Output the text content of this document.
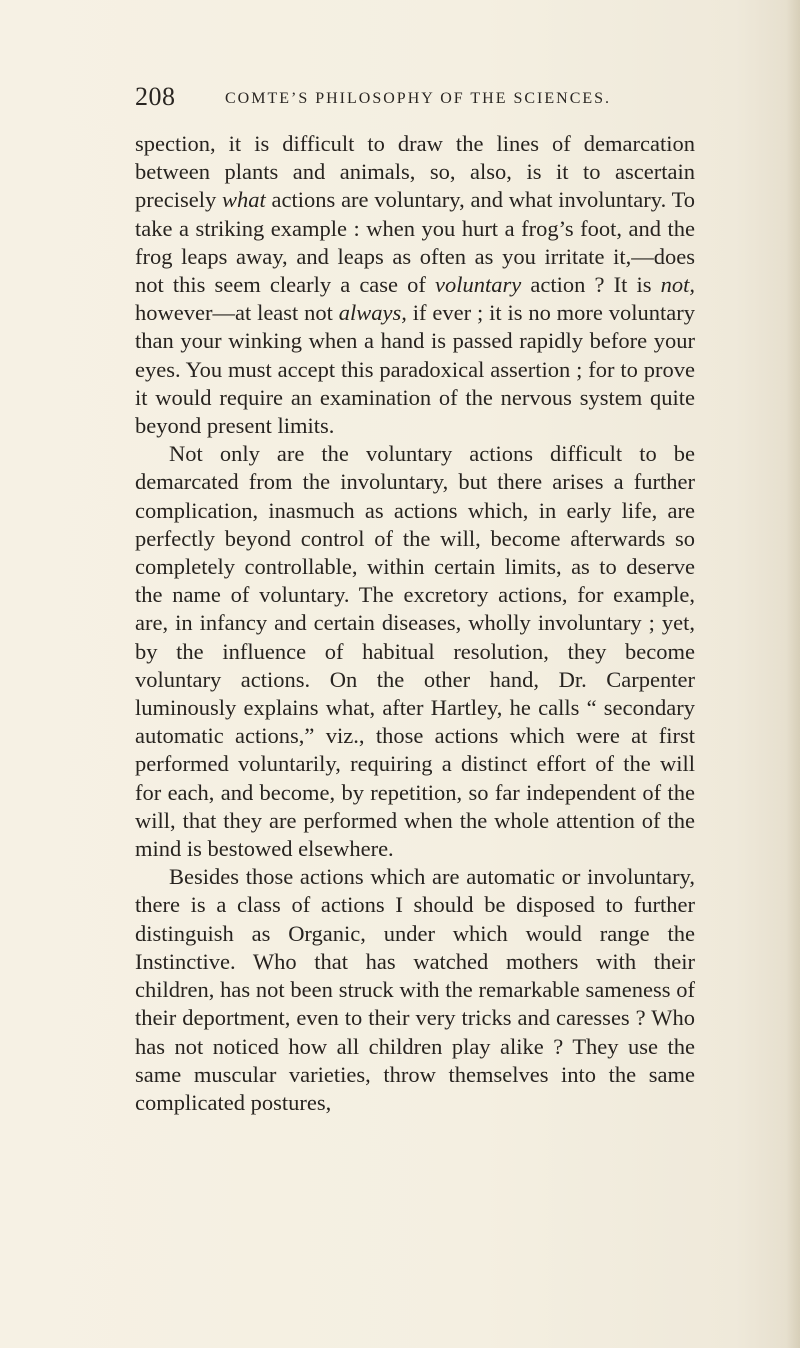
208	COMTE’S PHILOSOPHY OF THE SCIENCES.

spection, it is difficult to draw the lines of demarcation between plants and animals, so, also, is it to ascertain precisely what actions are voluntary, and what involuntary. To take a striking example : when you hurt a frog’s foot, and the frog leaps away, and leaps as often as you irritate it,—does not this seem clearly a case of voluntary action ? It is not, however—at least not always, if ever ; it is no more voluntary than your winking when a hand is passed rapidly before your eyes. You must accept this paradoxical assertion ; for to prove it would require an examination of the nervous system quite beyond present limits.

Not only are the voluntary actions difficult to be demarcated from the involuntary, but there arises a further complication, inasmuch as actions which, in early life, are perfectly beyond control of the will, become afterwards so completely controllable, within certain limits, as to deserve the name of voluntary. The excretory actions, for example, are, in infancy and certain diseases, wholly involuntary ; yet, by the influence of habitual resolution, they become voluntary actions. On the other hand, Dr. Carpenter luminously explains what, after Hartley, he calls “ secondary automatic actions,” viz., those actions which were at first performed voluntarily, requiring a distinct effort of the will for each, and become, by repetition, so far independent of the will, that they are performed when the whole attention of the mind is bestowed elsewhere.

Besides those actions which are automatic or involuntary, there is a class of actions I should be disposed to further distinguish as Organic, under which would range the Instinctive. Who that has watched mothers with their children, has not been struck with the remarkable sameness of their deportment, even to their very tricks and caresses ? Who has not noticed how all children play alike ? They use the same muscular varieties, throw themselves into the same complicated postures,
